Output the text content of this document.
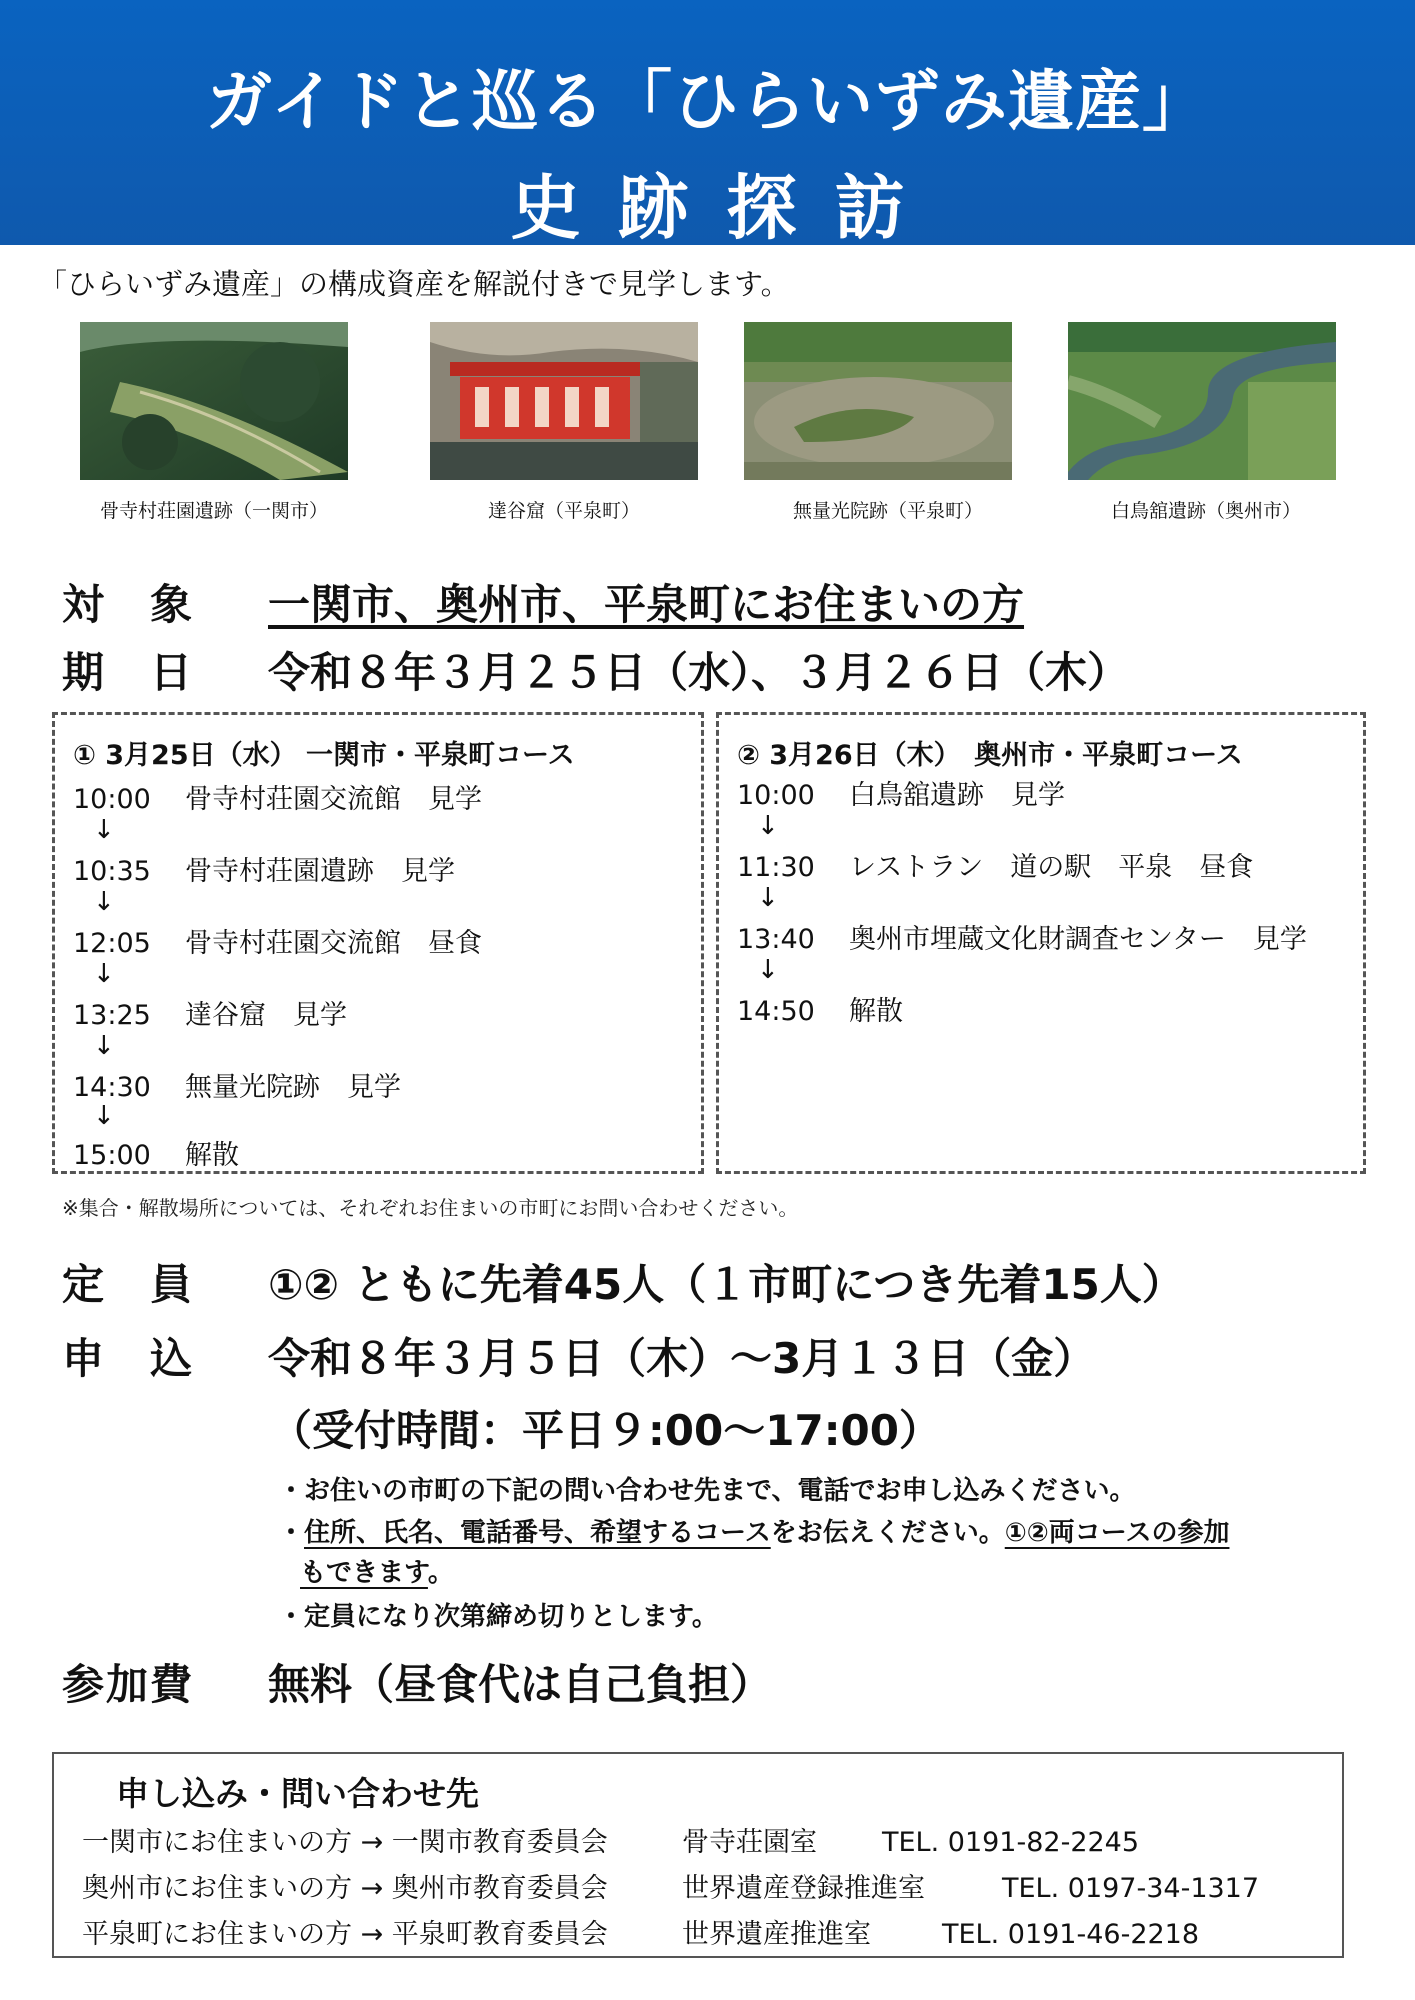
ガイドと巡る「ひらいずみ遺産」
史跡探訪
「ひらいずみ遺産」の構成資産を解説付きで見学します。
骨寺村荘園遺跡（一関市）	達谷窟（平泉町）	無量光院跡（平泉町）	白鳥舘遺跡（奥州市）
対　象 一関市、奥州市、平泉町にお住まいの方
期　日 令和８年３月２５日（水）、３月２６日（木）
① 3月25日（水） 一関市・平泉町コース
10:00 骨寺村荘園交流館　見学
↓
10:35 骨寺村荘園遺跡　見学
↓
12:05 骨寺村荘園交流館　昼食
↓
13:25 達谷窟　見学
↓
14:30 無量光院跡　見学
↓
15:00 解散
② 3月26日（木）　奥州市・平泉町コース
10:00 白鳥舘遺跡　見学
↓
11:30 レストラン　道の駅　平泉　昼食
↓
13:40 奥州市埋蔵文化財調査センター　見学
↓
14:50 解散
※集合・解散場所については、それぞれお住まいの市町にお問い合わせください。
定　員 ①② ともに先着45人（１市町につき先着15人）
申　込 令和８年３月５日（木）～3月１３日（金）
（受付時間：平日９:00～17:00）
・お住いの市町の下記の問い合わせ先まで、電話でお申し込みください。
・住所、氏名、電話番号、希望するコースをお伝えください。①②両コースの参加
もできます。
・定員になり次第締め切りとします。
参加費 無料（昼食代は自己負担）
申し込み・問い合わせ先
一関市にお住まいの方 → 一関市教育委員会	骨寺荘園室 TEL. 0191-82-2245
奥州市にお住まいの方 → 奥州市教育委員会	世界遺産登録推進室	TEL. 0197-34-1317
平泉町にお住まいの方 → 平泉町教育委員会	世界遺産推進室	TEL. 0191-46-2218
